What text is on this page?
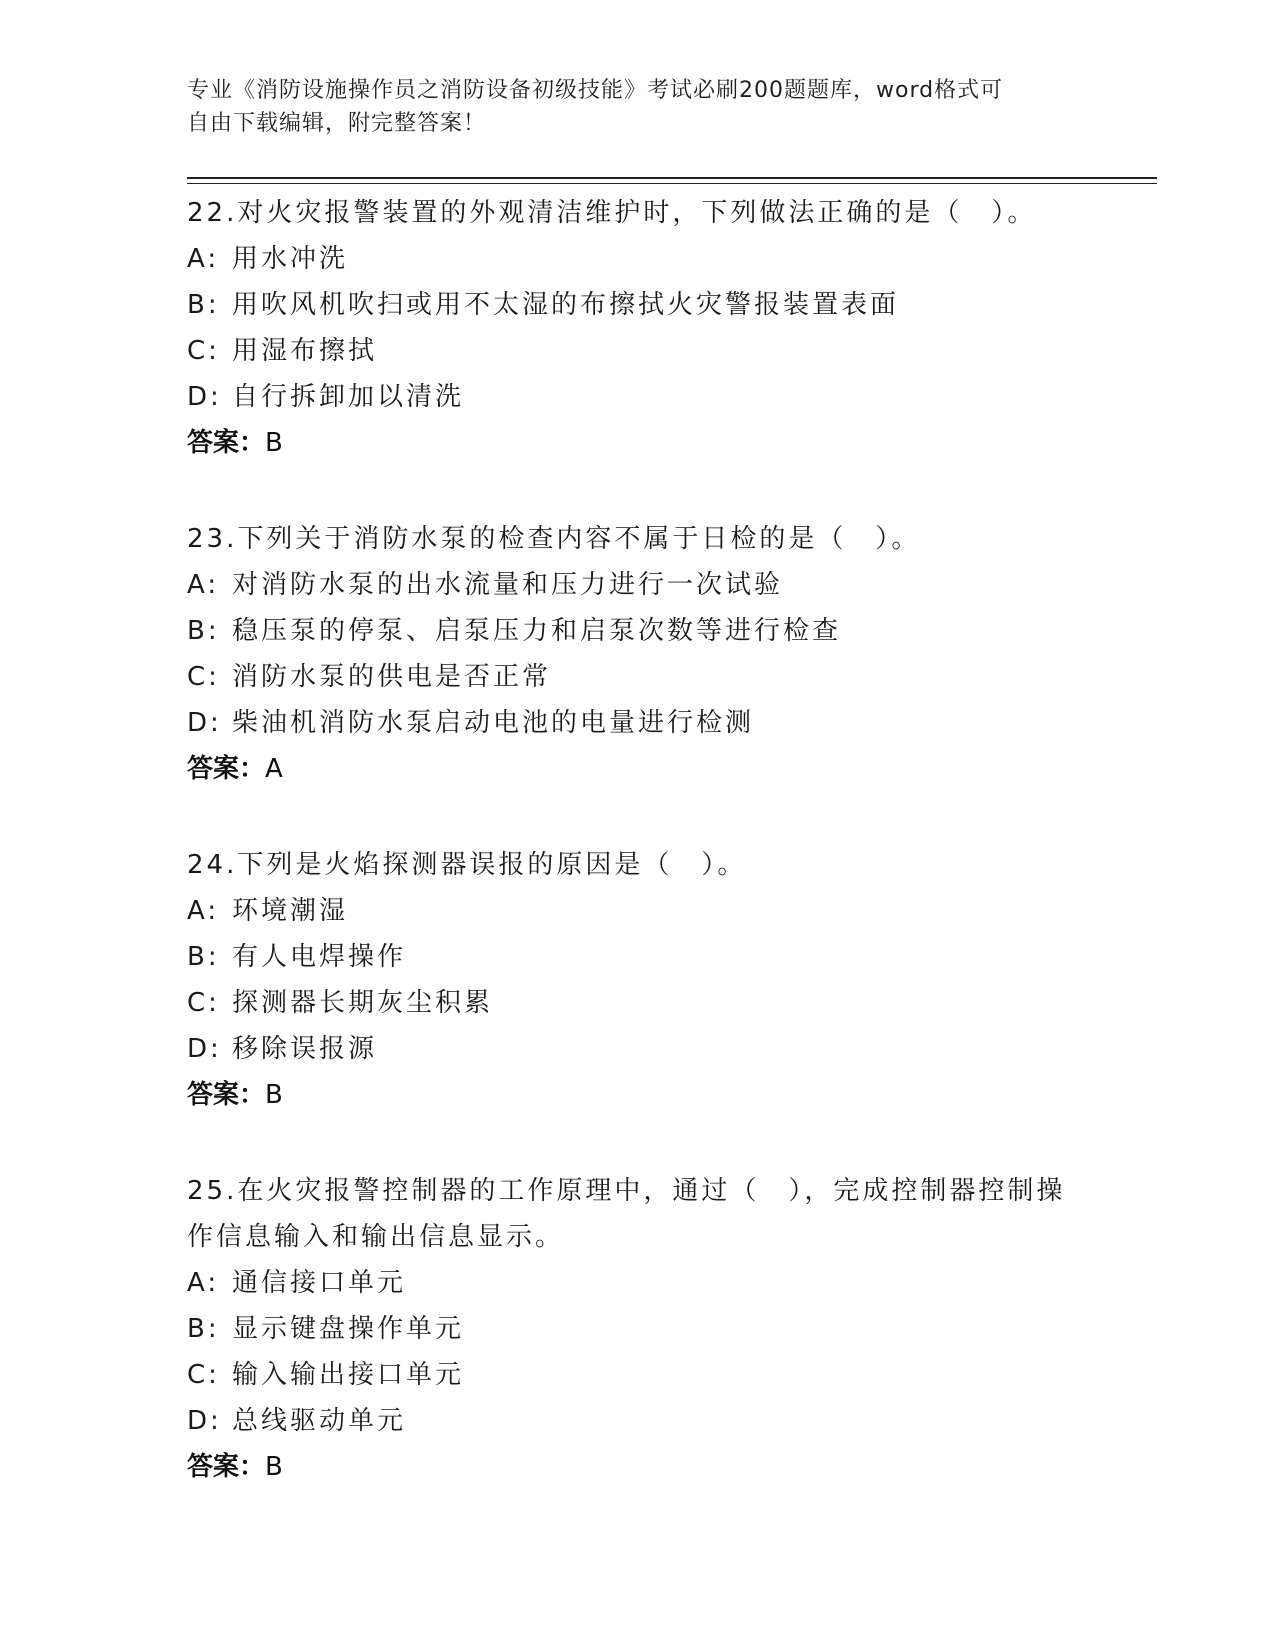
专业《消防设施操作员之消防设备初级技能》考试必刷200题题库，word格式可
自由下载编辑，附完整答案！
22.对火灾报警装置的外观清洁维护时，下列做法正确的是（　）。
A: 用水冲洗
B: 用吹风机吹扫或用不太湿的布擦拭火灾警报装置表面
C: 用湿布擦拭
D: 自行拆卸加以清洗
答案：B
23.下列关于消防水泵的检查内容不属于日检的是（　）。
A: 对消防水泵的出水流量和压力进行一次试验
B: 稳压泵的停泵、启泵压力和启泵次数等进行检查
C: 消防水泵的供电是否正常
D: 柴油机消防水泵启动电池的电量进行检测
答案：A
24.下列是火焰探测器误报的原因是（　）。
A: 环境潮湿
B: 有人电焊操作
C: 探测器长期灰尘积累
D: 移除误报源
答案：B
25.在火灾报警控制器的工作原理中，通过（　），完成控制器控制操
作信息输入和输出信息显示。
A: 通信接口单元
B: 显示键盘操作单元
C: 输入输出接口单元
D: 总线驱动单元
答案：B
